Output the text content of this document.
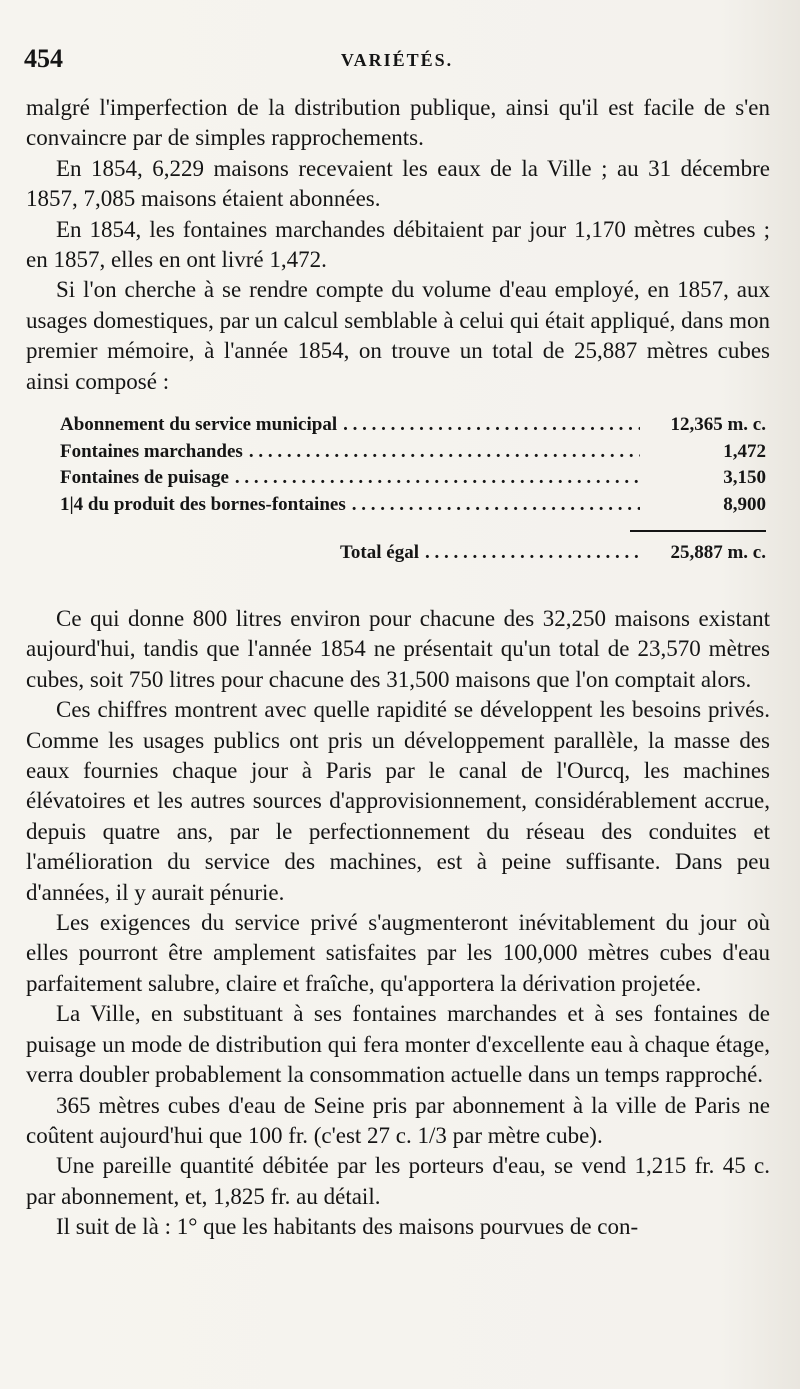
454	VARIÉTÉS.

malgré l'imperfection de la distribution publique, ainsi qu'il est facile de s'en convaincre par de simples rapprochements.

En 1854, 6,229 maisons recevaient les eaux de la Ville ; au 31 décembre 1857, 7,085 maisons étaient abonnées.

En 1854, les fontaines marchandes débitaient par jour 1,170 mètres cubes ; en 1857, elles en ont livré 1,472.

Si l'on cherche à se rendre compte du volume d'eau employé, en 1857, aux usages domestiques, par un calcul semblable à celui qui était appliqué, dans mon premier mémoire, à l'année 1854, on trouve un total de 25,887 mètres cubes ainsi composé :

Abonnement du service municipal . . .	12,365 m. c.
Fontaines marchandes . . .	1,472
Fontaines de puisage . . .	3,150
1|4 du produit des bornes-fontaines . . .	8,900
Total égal . . .	25,887 m. c.

Ce qui donne 800 litres environ pour chacune des 32,250 maisons existant aujourd'hui, tandis que l'année 1854 ne présentait qu'un total de 23,570 mètres cubes, soit 750 litres pour chacune des 31,500 maisons que l'on comptait alors.

Ces chiffres montrent avec quelle rapidité se développent les besoins privés. Comme les usages publics ont pris un développement parallèle, la masse des eaux fournies chaque jour à Paris par le canal de l'Ourcq, les machines élévatoires et les autres sources d'approvisionnement, considérablement accrue, depuis quatre ans, par le perfectionnement du réseau des conduites et l'amélioration du service des machines, est à peine suffisante. Dans peu d'années, il y aurait pénurie.

Les exigences du service privé s'augmenteront inévitablement du jour où elles pourront être amplement satisfaites par les 100,000 mètres cubes d'eau parfaitement salubre, claire et fraîche, qu'apportera la dérivation projetée.

La Ville, en substituant à ses fontaines marchandes et à ses fontaines de puisage un mode de distribution qui fera monter d'excellente eau à chaque étage, verra doubler probablement la consommation actuelle dans un temps rapproché.

365 mètres cubes d'eau de Seine pris par abonnement à la ville de Paris ne coûtent aujourd'hui que 100 fr. (c'est 27 c. 1/3 par mètre cube).

Une pareille quantité débitée par les porteurs d'eau, se vend 1,215 fr. 45 c. par abonnement, et, 1,825 fr. au détail.

Il suit de là : 1° que les habitants des maisons pourvues de con-
